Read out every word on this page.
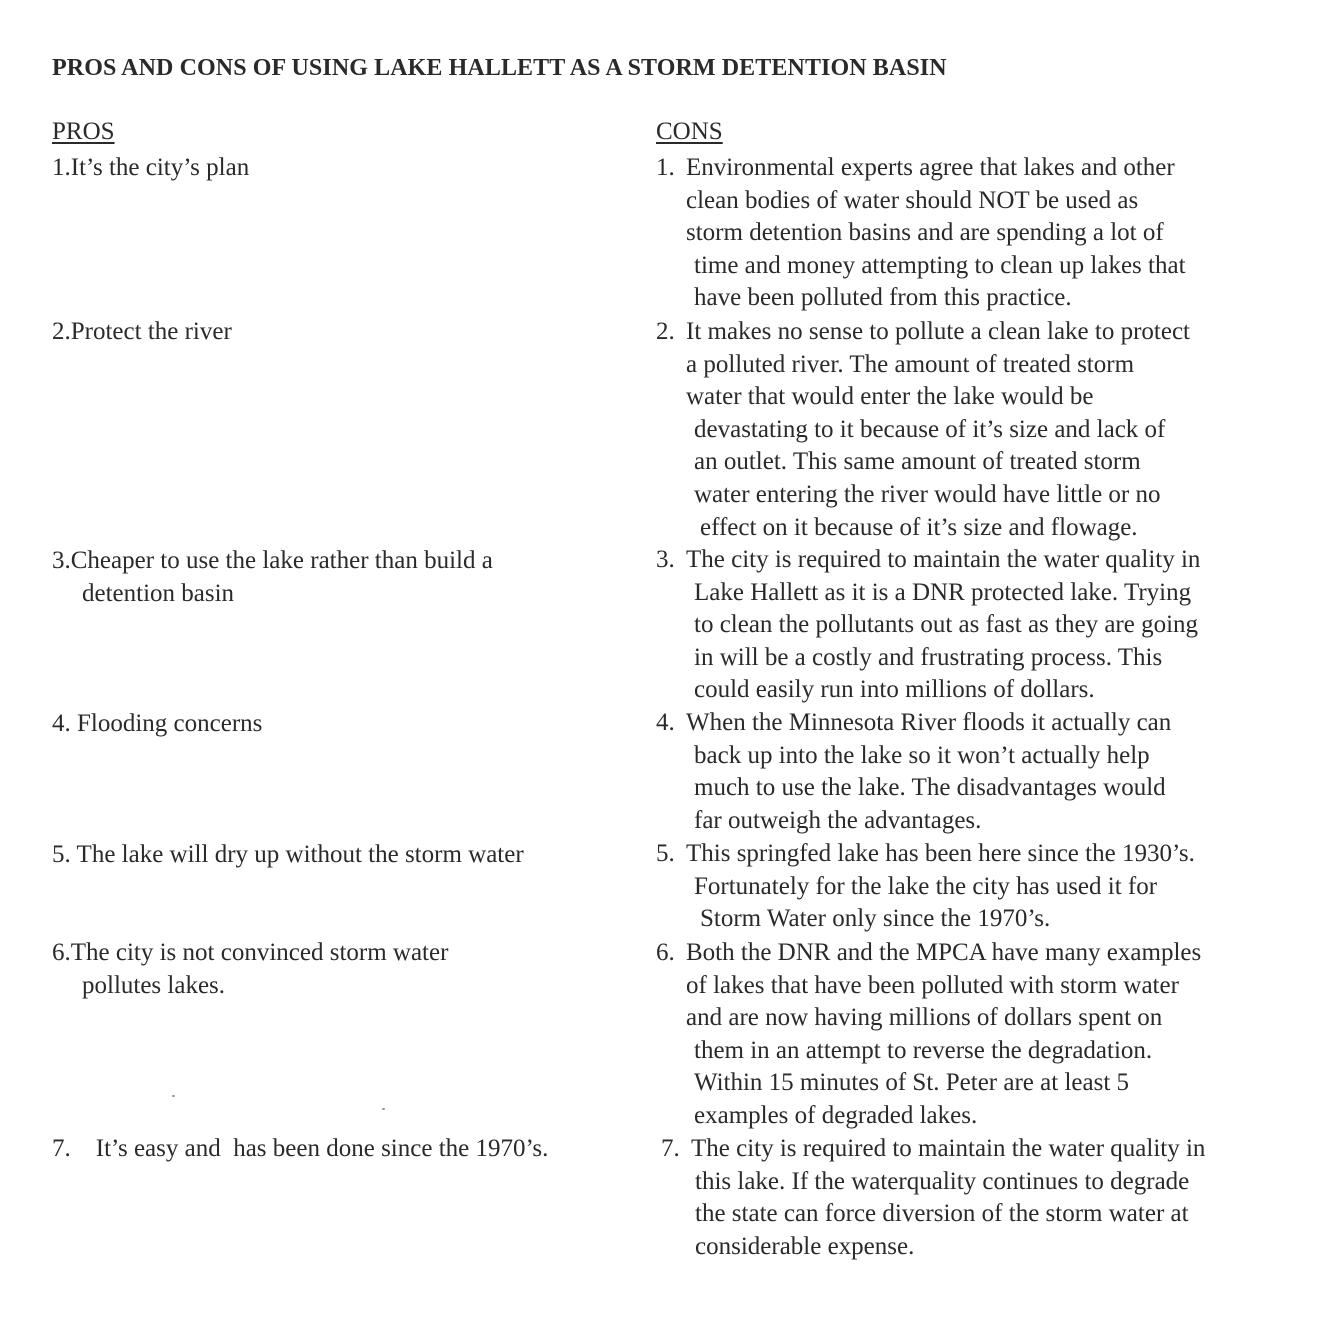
PROS AND CONS OF USING LAKE HALLETT AS A STORM DETENTION BASIN
PROS	CONS
1.It’s the city’s plan
2.Protect the river
3.Cheaper to use the lake rather than build a
detention basin
4. Flooding concerns
5. The lake will dry up without the storm water
6.The city is not convinced storm water
pollutes lakes.
7.    It’s easy and  has been done since the 1970’s.
1. Environmental experts agree that lakes and other
clean bodies of water should NOT be used as
storm detention basins and are spending a lot of
time and money attempting to clean up lakes that
have been polluted from this practice.
2. It makes no sense to pollute a clean lake to protect
a polluted river. The amount of treated storm
water that would enter the lake would be
devastating to it because of it’s size and lack of
an outlet. This same amount of treated storm
water entering the river would have little or no
effect on it because of it’s size and flowage.
3. The city is required to maintain the water quality in
Lake Hallett as it is a DNR protected lake. Trying
to clean the pollutants out as fast as they are going
in will be a costly and frustrating process. This
could easily run into millions of dollars.
4. When the Minnesota River floods it actually can
back up into the lake so it won’t actually help
much to use the lake. The disadvantages would
far outweigh the advantages.
5. This springfed lake has been here since the 1930’s.
Fortunately for the lake the city has used it for
Storm Water only since the 1970’s.
6. Both the DNR and the MPCA have many examples
of lakes that have been polluted with storm water
and are now having millions of dollars spent on
them in an attempt to reverse the degradation.
Within 15 minutes of St. Peter are at least 5
examples of degraded lakes.
7. The city is required to maintain the water quality in
this lake. If the waterquality continues to degrade
the state can force diversion of the storm water at
considerable expense.
